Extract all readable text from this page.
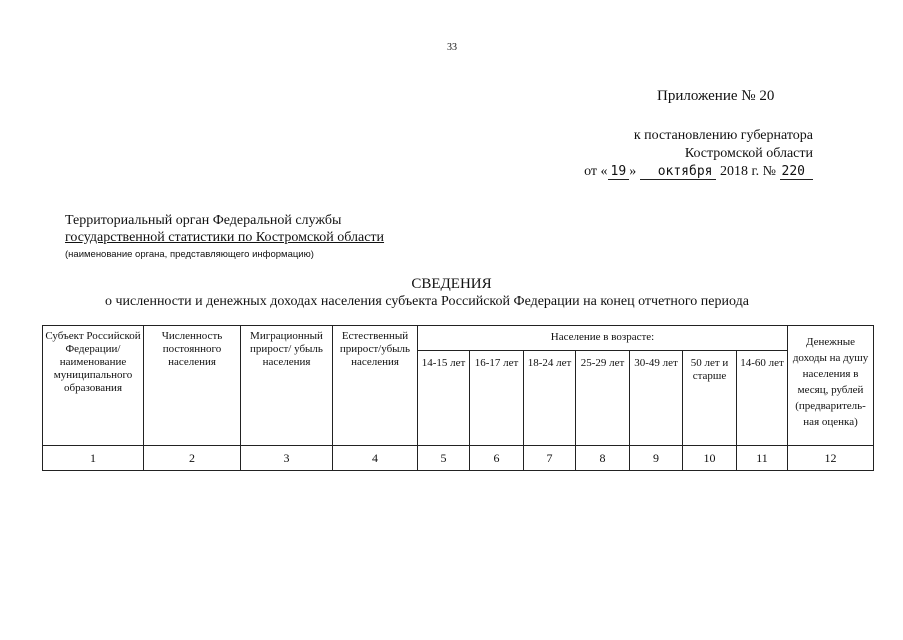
33
Приложение № 20
к постановлению губернатора
Костромской области
от « 19 » октября 2018 г. № 220
Территориальный орган Федеральной службы
государственной статистики по Костромской области
(наименование органа, представляющего информацию)
СВЕДЕНИЯ
о численности и денежных доходах населения субъекта Российской Федерации на конец отчетного периода
Субъект Российской Федерации/ наименование муниципального образования	Численность постоянного населения	Миграционный прирост/ убыль населения	Естественный прирост/убыль населения	Население в возрасте:							Денежные доходы на душу населения в месяц, рублей (предваритель-ная оценка)
				14-15 лет	16-17 лет	18-24 лет	25-29 лет	30-49 лет	50 лет и старше	14-60 лет	
1	2	3	4	5	6	7	8	9	10	11	12
